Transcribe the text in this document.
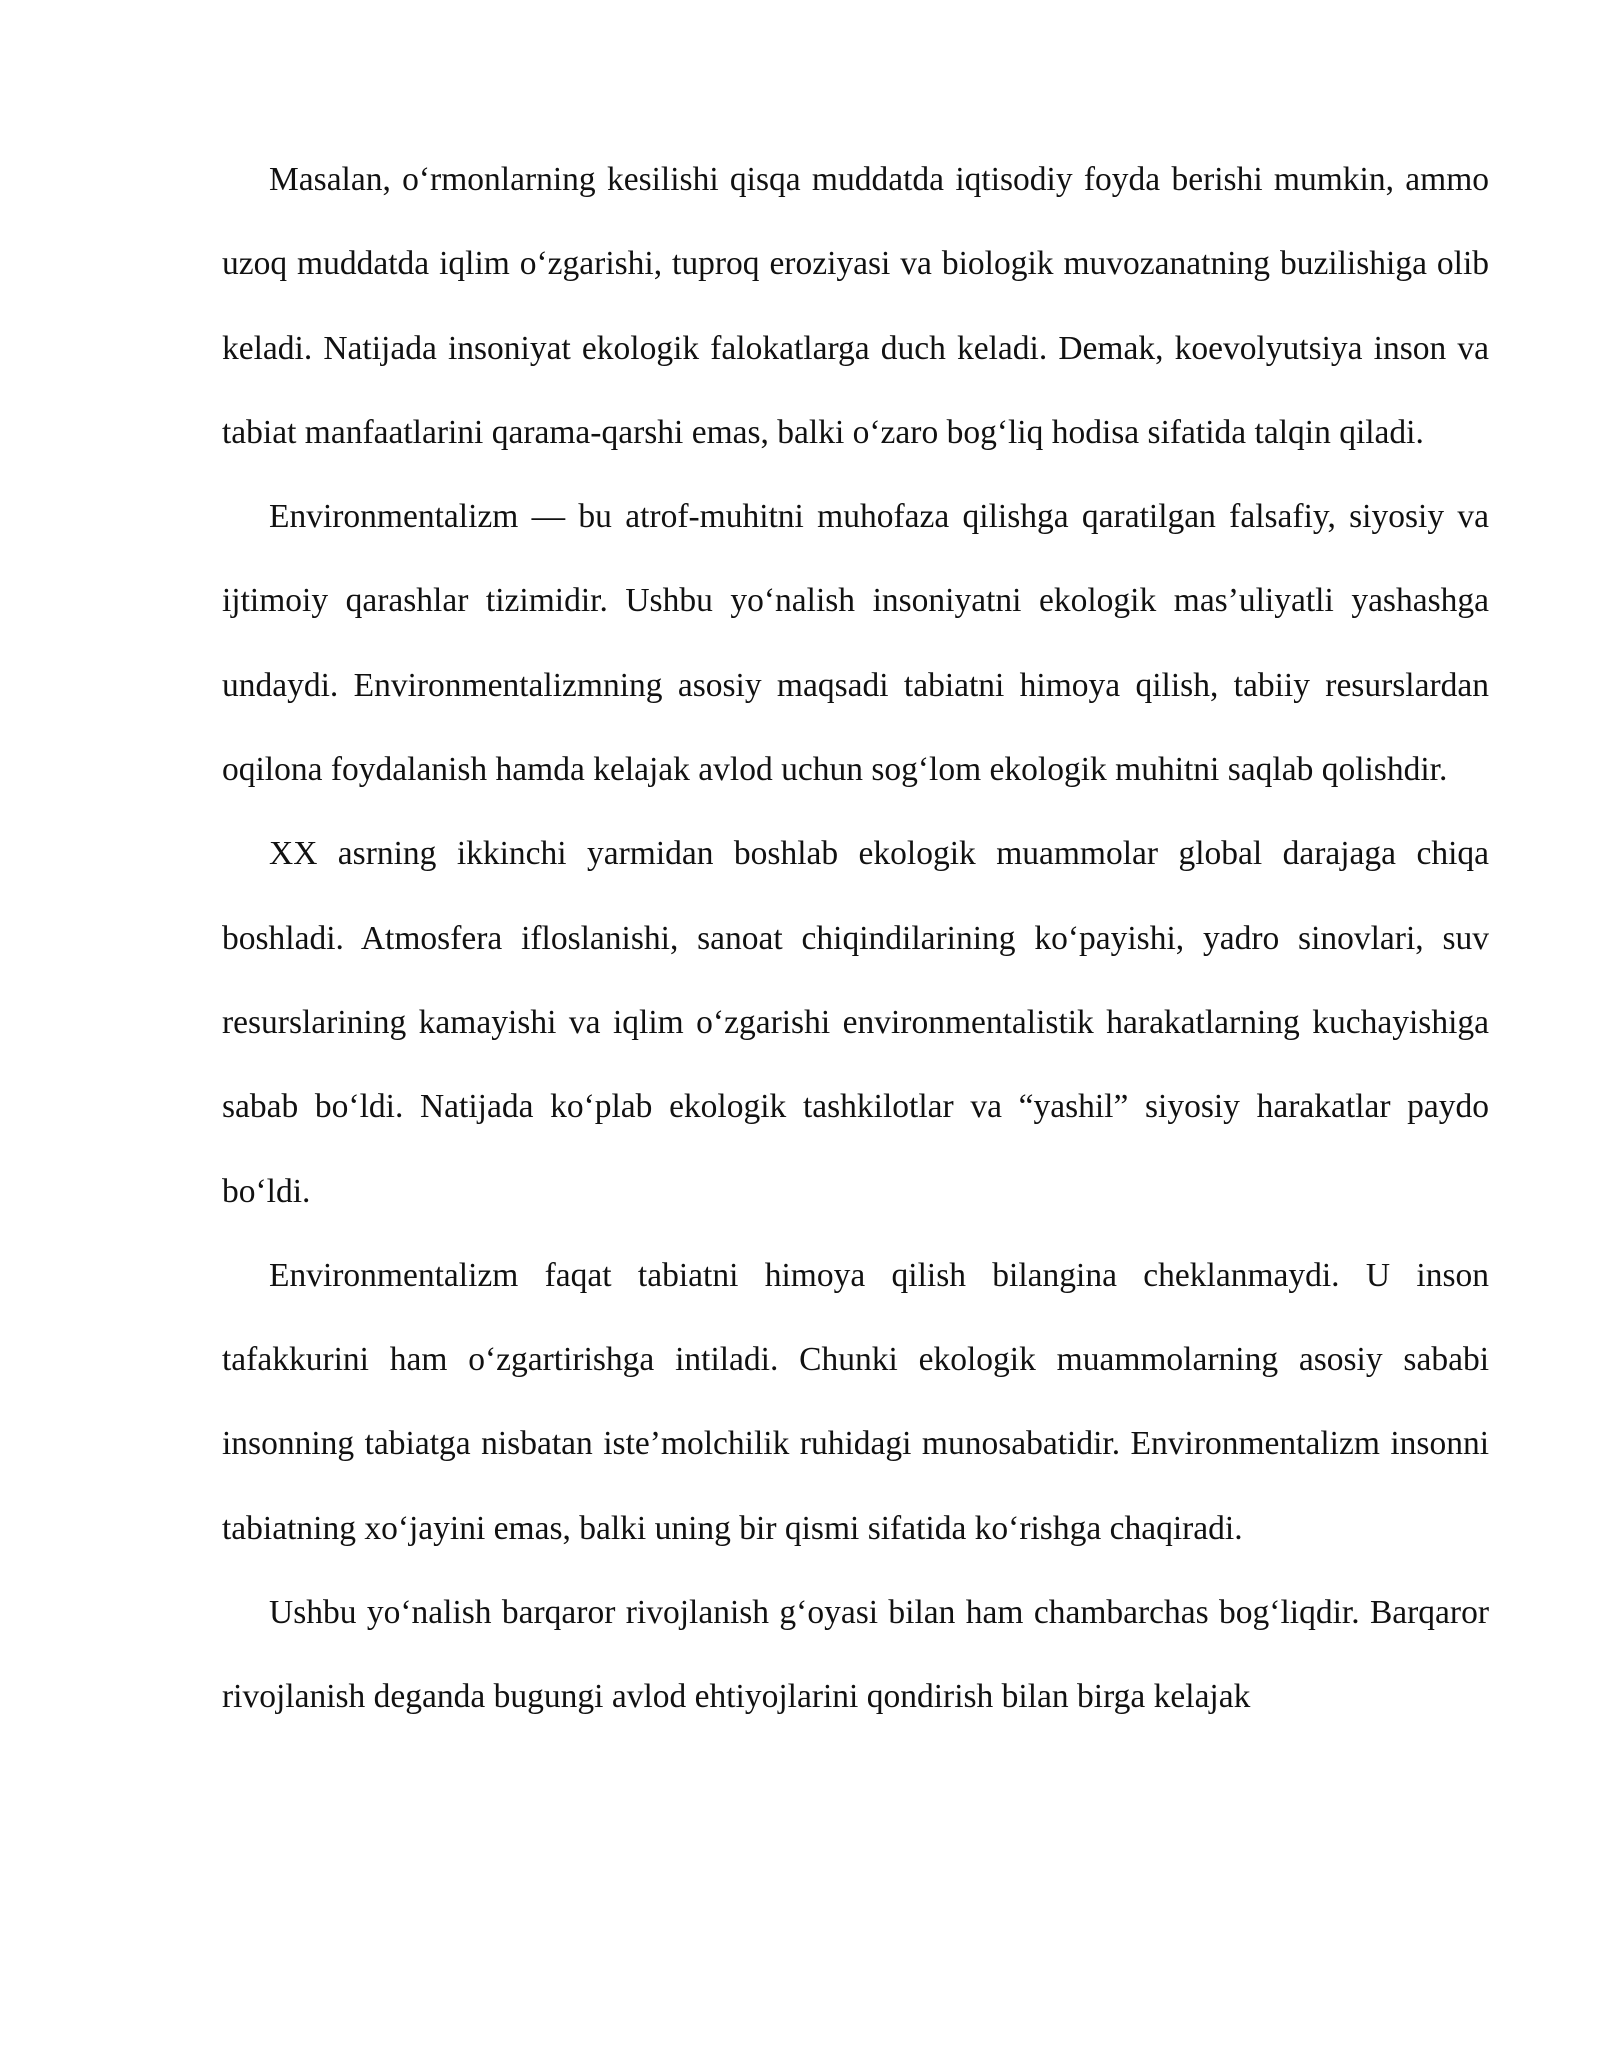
Masalan, o‘rmonlarning kesilishi qisqa muddatda iqtisodiy foyda berishi mumkin, ammo uzoq muddatda iqlim o‘zgarishi, tuproq eroziyasi va biologik muvozanatning buzilishiga olib keladi. Natijada insoniyat ekologik falokatlarga duch keladi. Demak, koevolyutsiya inson va tabiat manfaatlarini qarama-qarshi emas, balki o‘zaro bog‘liq hodisa sifatida talqin qiladi.

Environmentalizm — bu atrof-muhitni muhofaza qilishga qaratilgan falsafiy, siyosiy va ijtimoiy qarashlar tizimidir. Ushbu yo‘nalish insoniyatni ekologik mas’uliyatli yashashga undaydi. Environmentalizmning asosiy maqsadi tabiatni himoya qilish, tabiiy resurslardan oqilona foydalanish hamda kelajak avlod uchun sog‘lom ekologik muhitni saqlab qolishdir.

XX asrning ikkinchi yarmidan boshlab ekologik muammolar global darajaga chiqa boshladi. Atmosfera ifloslanishi, sanoat chiqindilarining ko‘payishi, yadro sinovlari, suv resurslarining kamayishi va iqlim o‘zgarishi environmentalistik harakatlarning kuchayishiga sabab bo‘ldi. Natijada ko‘plab ekologik tashkilotlar va “yashil” siyosiy harakatlar paydo bo‘ldi.

Environmentalizm faqat tabiatni himoya qilish bilangina cheklanmaydi. U inson tafakkurini ham o‘zgartirishga intiladi. Chunki ekologik muammolarning asosiy sababi insonning tabiatga nisbatan iste’molchilik ruhidagi munosabatidir. Environmentalizm insonni tabiatning xo‘jayini emas, balki uning bir qismi sifatida ko‘rishga chaqiradi.

Ushbu yo‘nalish barqaror rivojlanish g‘oyasi bilan ham chambarchas bog‘liqdir. Barqaror rivojlanish deganda bugungi avlod ehtiyojlarini qondirish bilan birga kelajak
